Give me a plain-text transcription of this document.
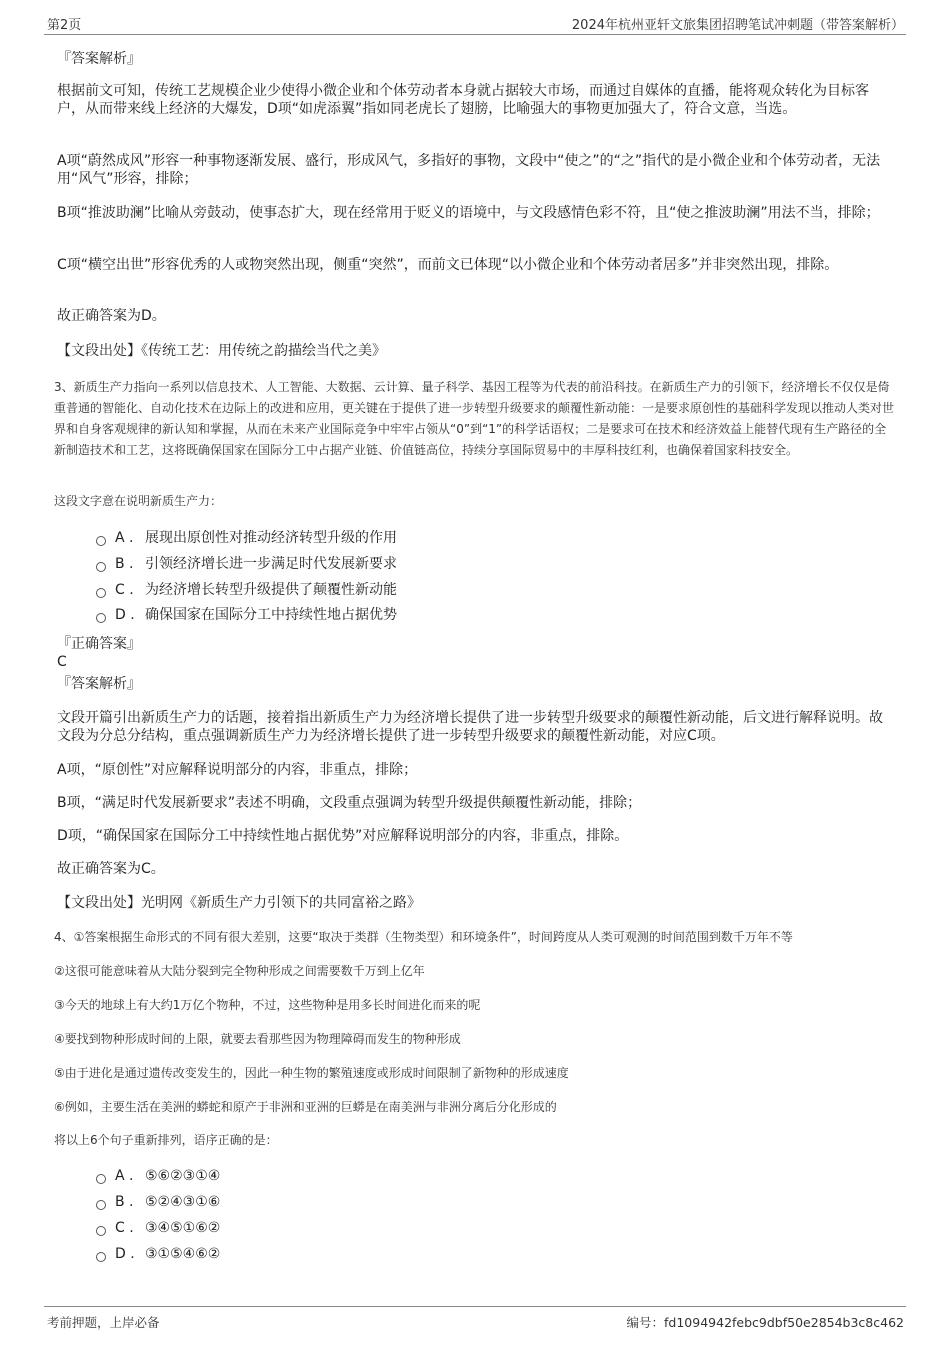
第2页	2024年杭州亚轩文旅集团招聘笔试冲刺题（带答案解析）
『答案解析』
根据前文可知，传统工艺规模企业少使得小微企业和个体劳动者本身就占据较大市场，而通过自媒体的直播，能将观众转化为目标客户，从而带来线上经济的大爆发，D项“如虎添翼”指如同老虎长了翅膀，比喻强大的事物更加强大了，符合文意，当选。
A项“蔚然成风”形容一种事物逐渐发展、盛行，形成风气，多指好的事物，文段中“使之”的“之”指代的是小微企业和个体劳动者，无法用“风气”形容，排除；
B项“推波助澜”比喻从旁鼓动，使事态扩大，现在经常用于贬义的语境中，与文段感情色彩不符，且“使之推波助澜”用法不当，排除；
C项“横空出世”形容优秀的人或物突然出现，侧重“突然”，而前文已体现“以小微企业和个体劳动者居多”并非突然出现，排除。
故正确答案为D。
【文段出处】《传统工艺：用传统之韵描绘当代之美》
3、新质生产力指向一系列以信息技术、人工智能、大数据、云计算、量子科学、基因工程等为代表的前沿科技。在新质生产力的引领下，经济增长不仅仅是倚重普通的智能化、自动化技术在边际上的改进和应用，更关键在于提供了进一步转型升级要求的颠覆性新动能：一是要求原创性的基础科学发现以推动人类对世界和自身客观规律的新认知和掌握，从而在未来产业国际竞争中牢牢占领从“0”到“1”的科学话语权；二是要求可在技术和经济效益上能替代现有生产路径的全新制造技术和工艺，这将既确保国家在国际分工中占据产业链、价值链高位，持续分享国际贸易中的丰厚科技红利，也确保着国家科技安全。
这段文字意在说明新质生产力：
A . 展现出原创性对推动经济转型升级的作用
B . 引领经济增长进一步满足时代发展新要求
C . 为经济增长转型升级提供了颠覆性新动能
D . 确保国家在国际分工中持续性地占据优势
『正确答案』
C
『答案解析』
文段开篇引出新质生产力的话题，接着指出新质生产力为经济增长提供了进一步转型升级要求的颠覆性新动能，后文进行解释说明。故文段为分总分结构，重点强调新质生产力为经济增长提供了进一步转型升级要求的颠覆性新动能，对应C项。
A项，“原创性”对应解释说明部分的内容，非重点，排除；
B项，“满足时代发展新要求”表述不明确，文段重点强调为转型升级提供颠覆性新动能，排除；
D项，“确保国家在国际分工中持续性地占据优势”对应解释说明部分的内容，非重点，排除。
故正确答案为C。
【文段出处】光明网《新质生产力引领下的共同富裕之路》
4、①答案根据生命形式的不同有很大差别，这要“取决于类群（生物类型）和环境条件”，时间跨度从人类可观测的时间范围到数千万年不等
②这很可能意味着从大陆分裂到完全物种形成之间需要数千万到上亿年
③今天的地球上有大约1万亿个物种，不过，这些物种是用多长时间进化而来的呢
④要找到物种形成时间的上限，就要去看那些因为物理障碍而发生的物种形成
⑤由于进化是通过遗传改变发生的，因此一种生物的繁殖速度或形成时间限制了新物种的形成速度
⑥例如，主要生活在美洲的蟒蛇和原产于非洲和亚洲的巨蟒是在南美洲与非洲分离后分化形成的
将以上6个句子重新排列，语序正确的是：
A . ⑤⑥②③①④
B . ⑤②④③①⑥
C . ③④⑤①⑥②
D . ③①⑤④⑥②
考前押题，上岸必备	编号：fd1094942febc9dbf50e2854b3c8c462
